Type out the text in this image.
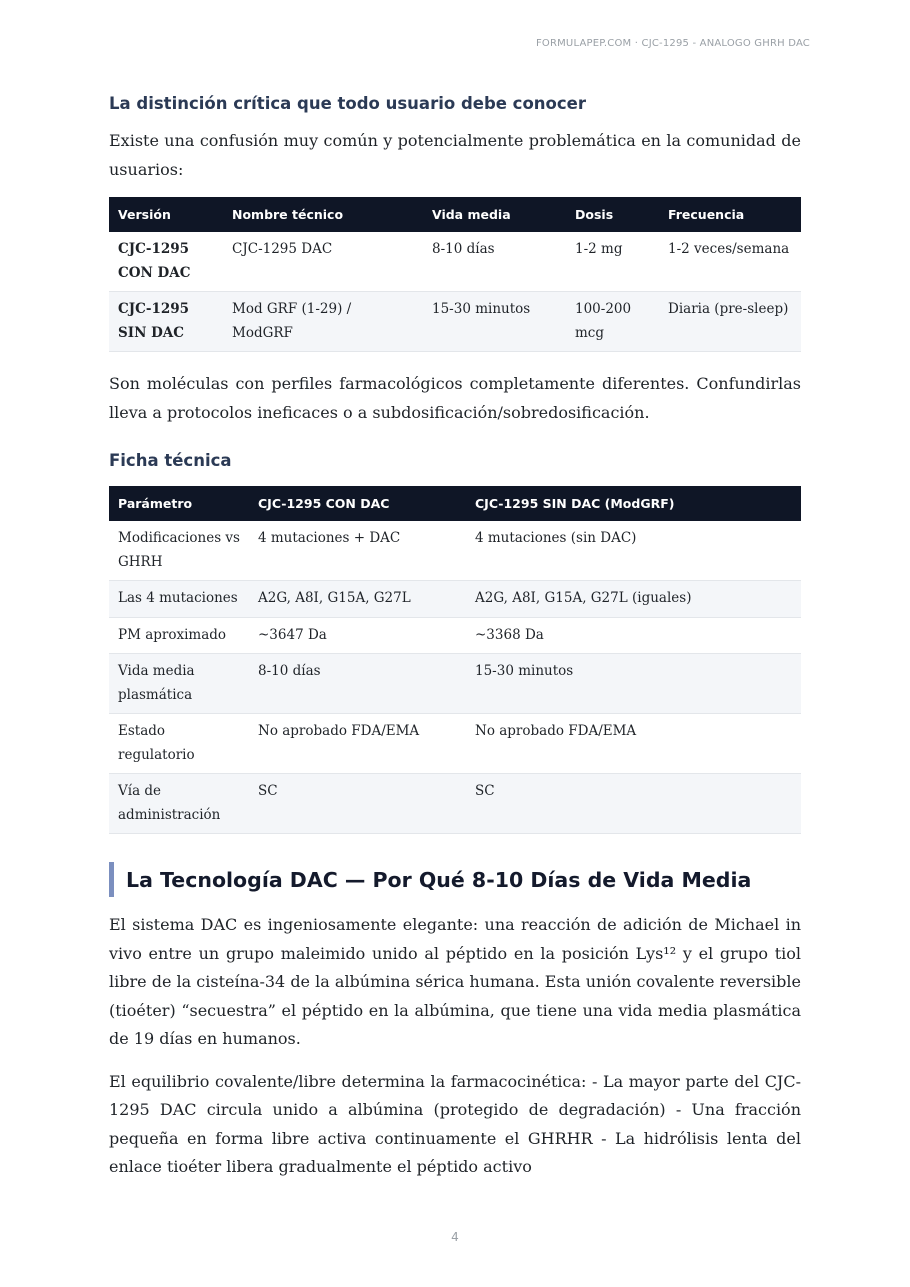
FORMULAPEP.COM · CJC-1295 - ANALOGO GHRH DAC
La distinción crítica que todo usuario debe conocer

Existe una confusión muy común y potencialmente problemática en la comunidad de usuarios:

Versión	Nombre técnico	Vida media	Dosis	Frecuencia
CJC-1295 CON DAC	CJC-1295 DAC	8-10 días	1-2 mg	1-2 veces/semana
CJC-1295 SIN DAC	Mod GRF (1-29) / ModGRF	15-30 minutos	100-200 mcg	Diaria (pre-sleep)

Son moléculas con perfiles farmacológicos completamente diferentes. Confundirlas lleva a protocolos ineficaces o a subdosificación/sobredosificación.

Ficha técnica
Parámetro	CJC-1295 CON DAC	CJC-1295 SIN DAC (ModGRF)
Modificaciones vs GHRH	4 mutaciones + DAC	4 mutaciones (sin DAC)
Las 4 mutaciones	A2G, A8I, G15A, G27L	A2G, A8I, G15A, G27L (iguales)
PM aproximado	~3647 Da	~3368 Da
Vida media plasmática	8-10 días	15-30 minutos
Estado regulatorio	No aprobado FDA/EMA	No aprobado FDA/EMA
Vía de administración	SC	SC
La Tecnología DAC — Por Qué 8-10 Días de Vida Media

El sistema DAC es ingeniosamente elegante: una reacción de adición de Michael in vivo entre un grupo maleimido unido al péptido en la posición Lys¹² y el grupo tiol libre de la cisteína-34 de la albúmina sérica humana. Esta unión covalente reversible (tioéter) “secuestra” el péptido en la albúmina, que tiene una vida media plasmática de 19 días en humanos.

El equilibrio covalente/libre determina la farmacocinética: - La mayor parte del CJC-1295 DAC circula unido a albúmina (protegido de degradación) - Una fracción pequeña en forma libre activa continuamente el GHRHR - La hidrólisis lenta del enlace tioéter libera gradualmente el péptido activo

4
